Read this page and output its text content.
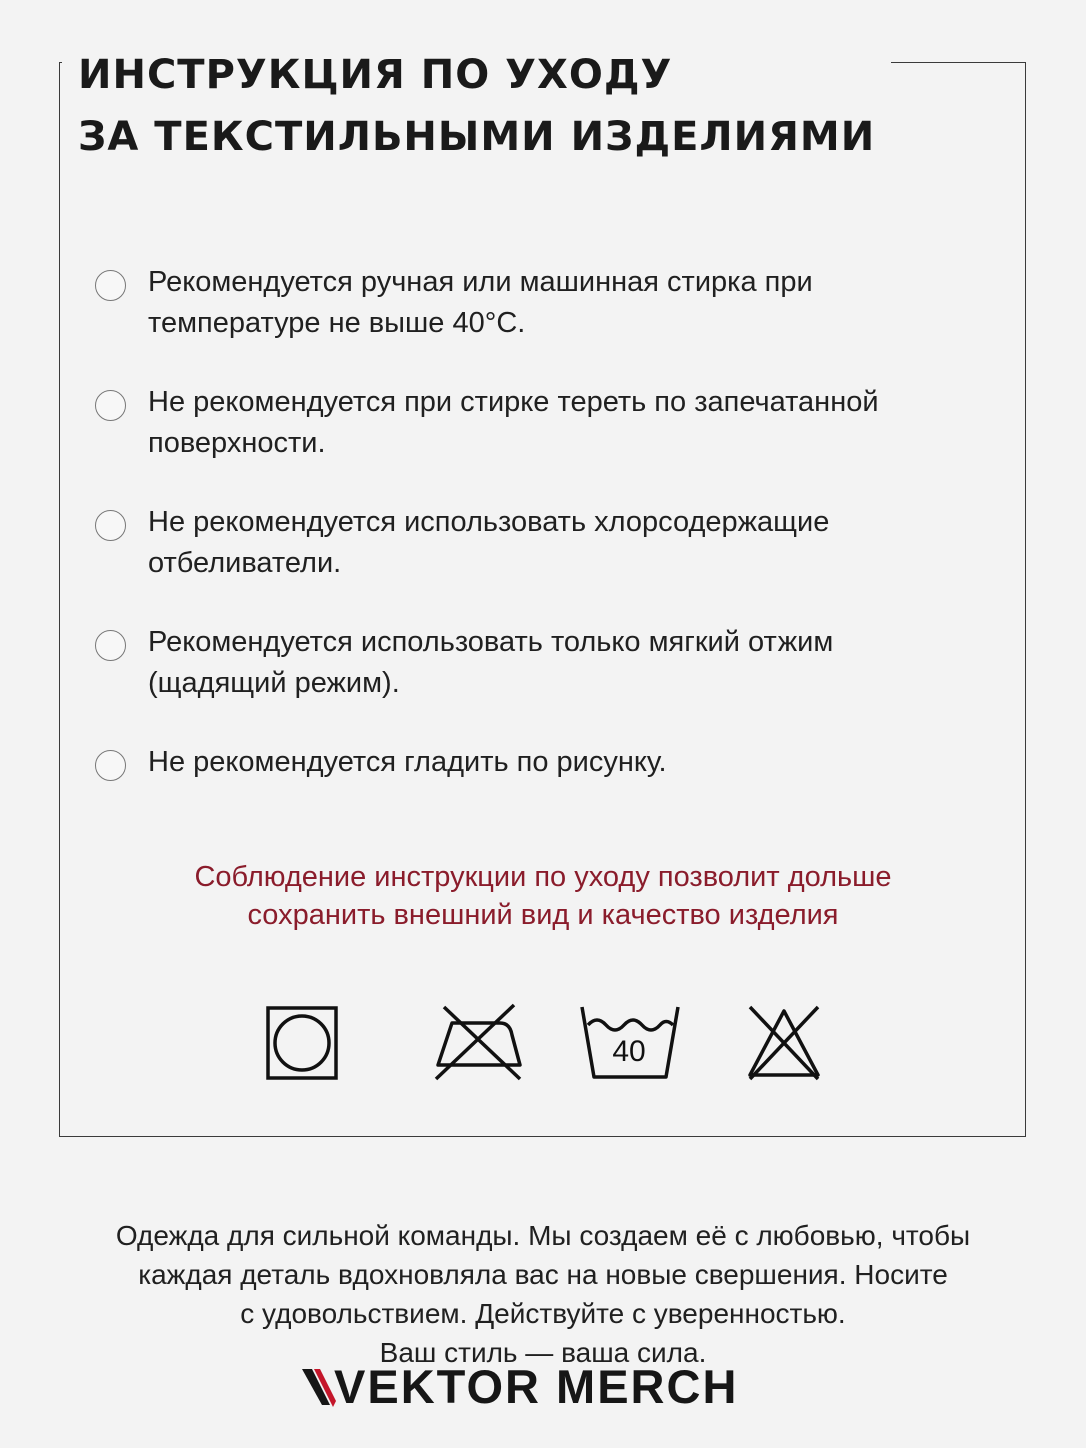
ИНСТРУКЦИЯ ПО УХОДУ
ЗА ТЕКСТИЛЬНЫМИ ИЗДЕЛИЯМИ
Рекомендуется ручная или машинная стирка при
температуре не выше 40°С.
Не рекомендуется при стирке тереть по запечатанной
поверхности.
Не рекомендуется использовать хлорсодержащие
отбеливатели.
Рекомендуется использовать только мягкий отжим
(щадящий режим).
Не рекомендуется гладить по рисунку.
Соблюдение инструкции по уходу позволит дольше
сохранить внешний вид и качество изделия
40
Одежда для сильной команды. Мы создаем её с любовью, чтобы
каждая деталь вдохновляла вас на новые свершения. Носите
с удовольствием. Действуйте с уверенностью.
Ваш стиль — ваша сила.
VEKTOR MERCH
